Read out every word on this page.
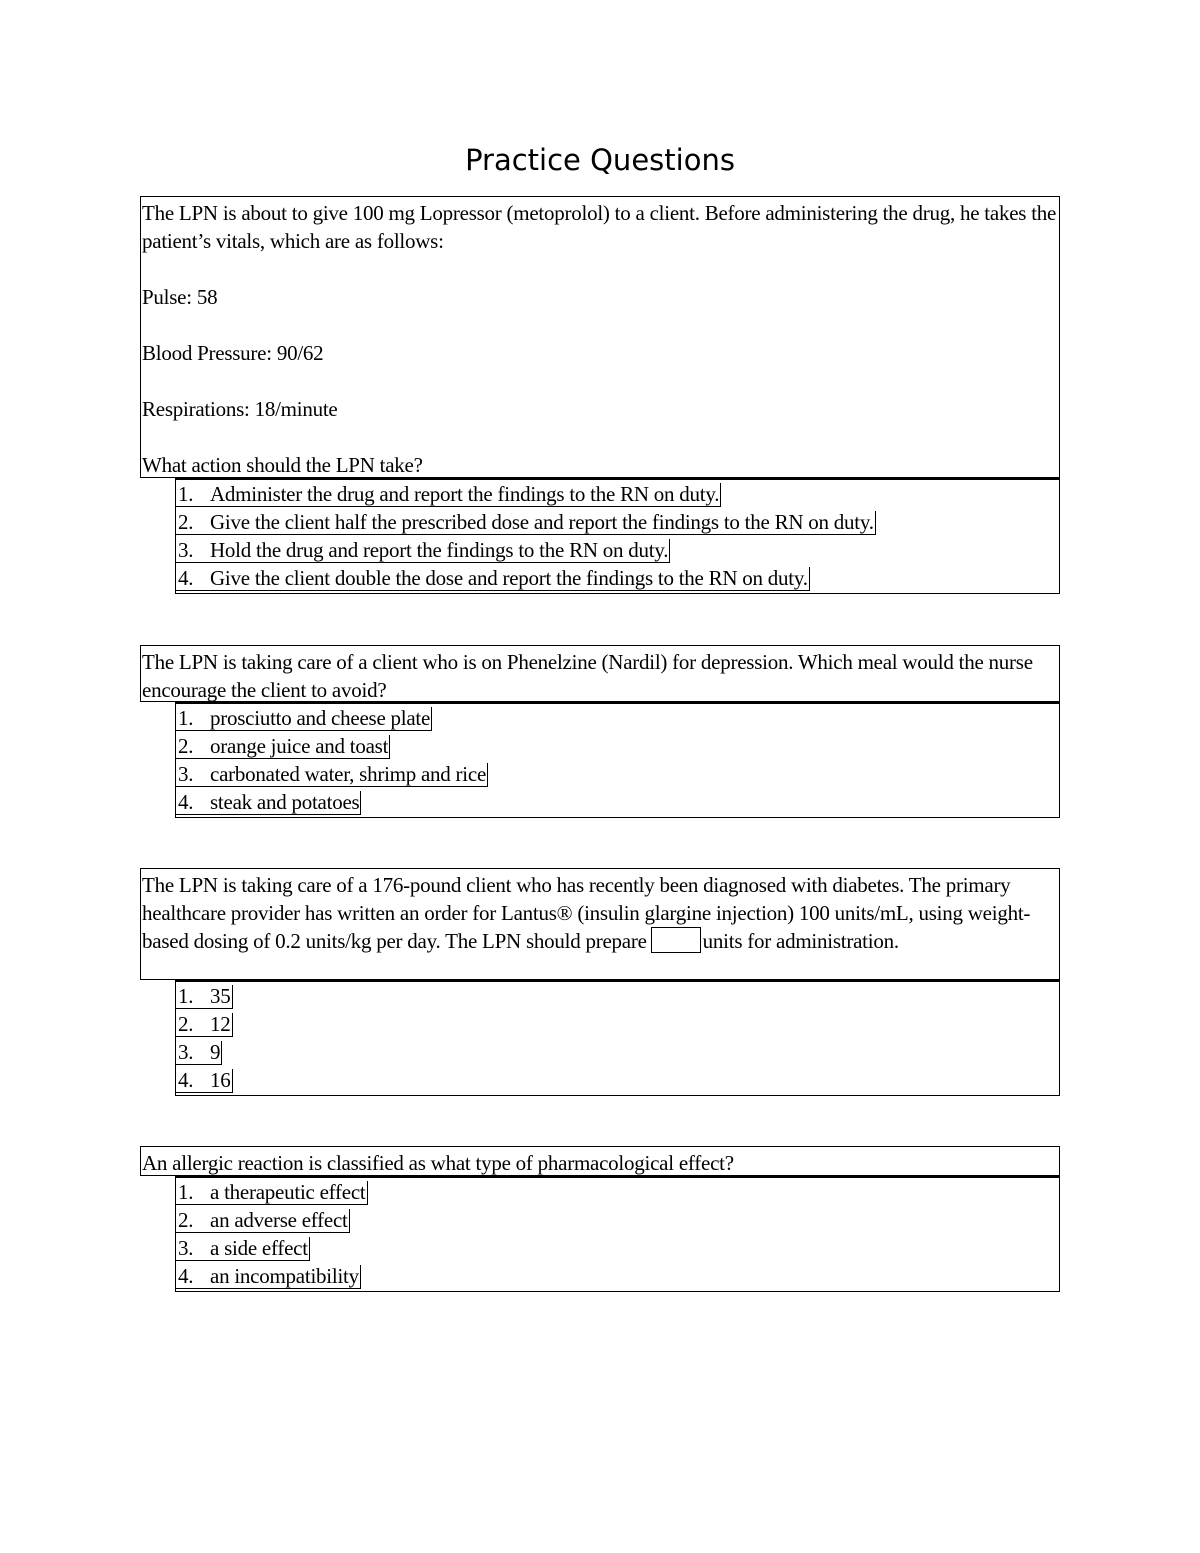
Practice Questions

The LPN is about to give 100 mg Lopressor (metoprolol) to a client. Before administering the drug, he takes the patient’s vitals, which are as follows:

Pulse: 58

Blood Pressure: 90/62

Respirations: 18/minute

What action should the LPN take?

1. Administer the drug and report the findings to the RN on duty.
2. Give the client half the prescribed dose and report the findings to the RN on duty.
3. Hold the drug and report the findings to the RN on duty.
4. Give the client double the dose and report the findings to the RN on duty.

The LPN is taking care of a client who is on Phenelzine (Nardil) for depression. Which meal would the nurse encourage the client to avoid?

1. prosciutto and cheese plate
2. orange juice and toast
3. carbonated water, shrimp and rice
4. steak and potatoes

The LPN is taking care of a 176-pound client who has recently been diagnosed with diabetes. The primary healthcare provider has written an order for Lantus® (insulin glargine injection) 100 units/mL, using weight-based dosing of 0.2 units/kg per day. The LPN should prepare	units for administration.

1. 35
2. 12
3. 9
4. 16

An allergic reaction is classified as what type of pharmacological effect?

1. a therapeutic effect
2. an adverse effect
3. a side effect
4. an incompatibility
